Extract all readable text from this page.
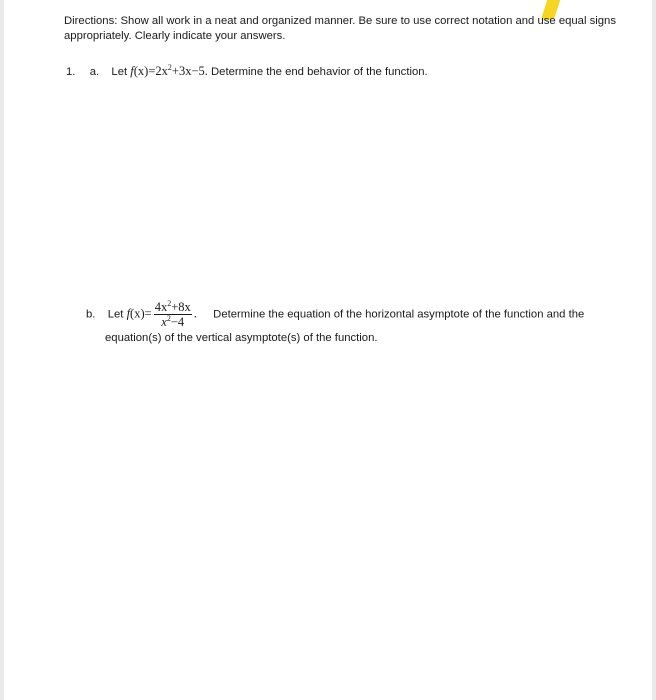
Directions: Show all work in a neat and organized manner. Be sure to use correct notation and use equal signs appropriately. Clearly indicate your answers.
1. a. Let $f(x)=2x^2+3x-5$. Determine the end behavior of the function.
b. Let $f(x)= \frac{4x^2+8x}{x^2-4}$ . Determine the equation of the horizontal asymptote of the function and the
equation(s) of the vertical asymptote(s) of the function.
